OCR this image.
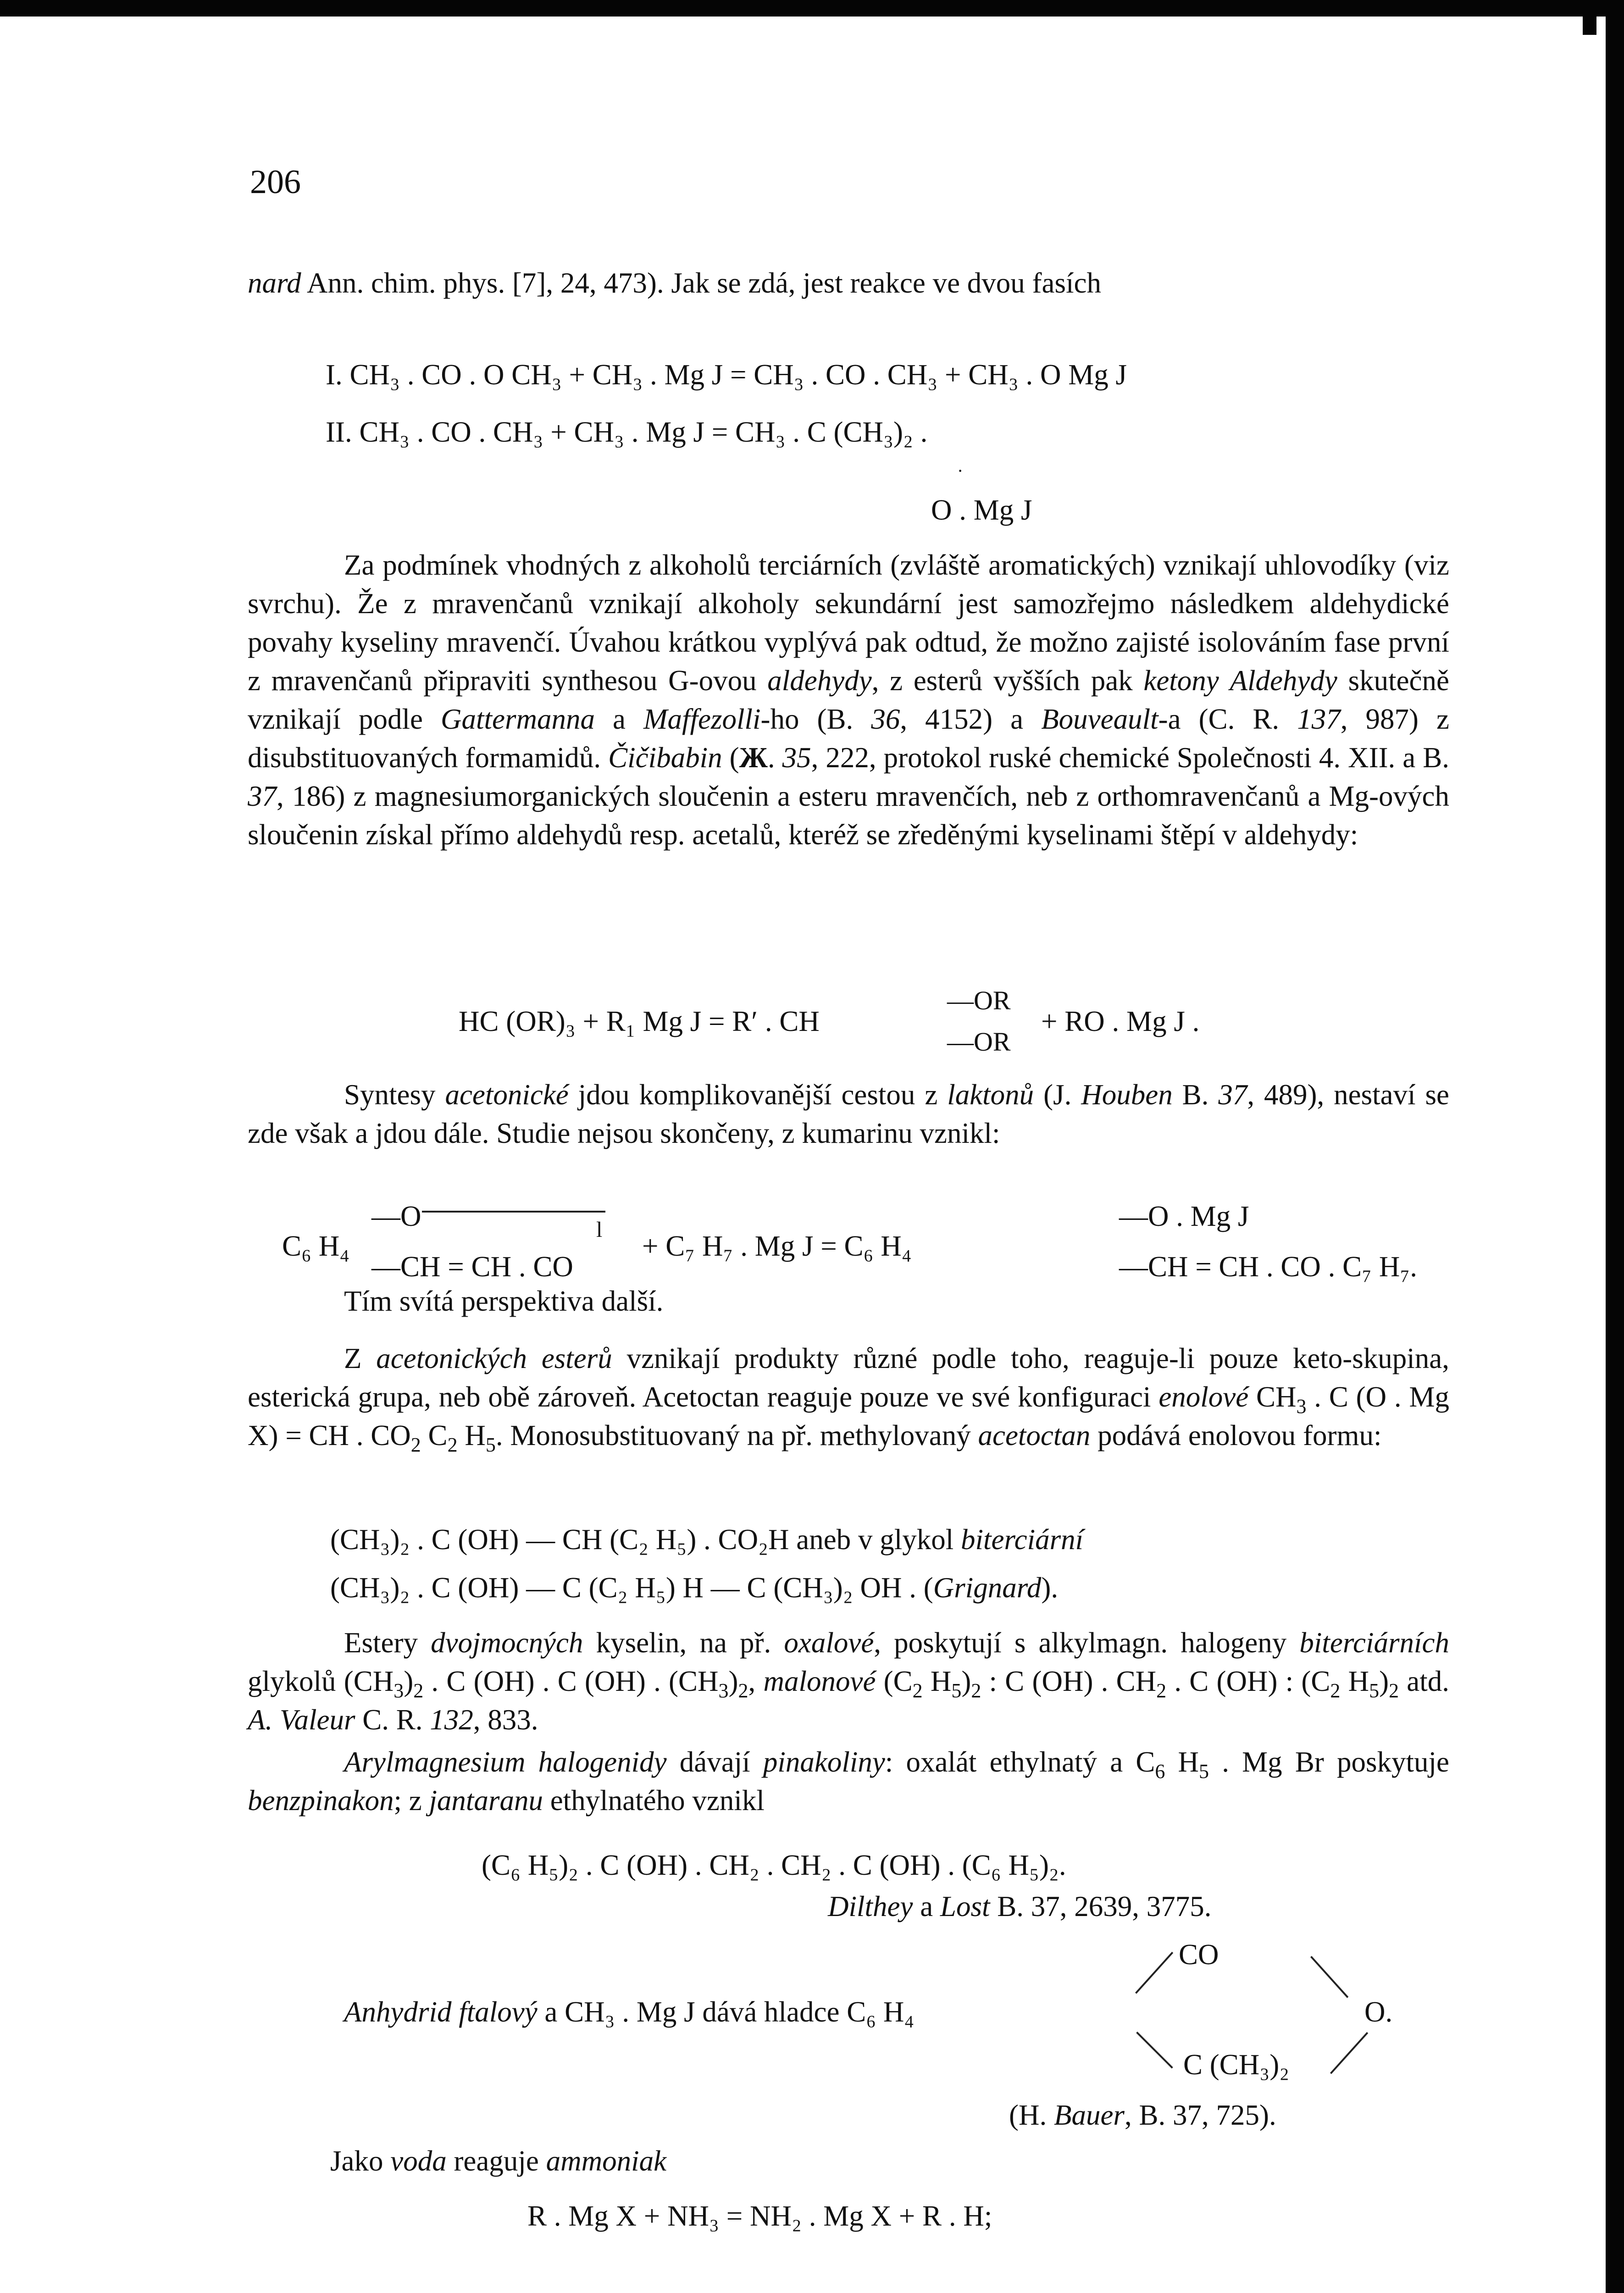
206
nard Ann. chim. phys. [7], 24, 473). Jak se zdá, jest reakce ve dvou fasích
I. CH₃ . CO . O CH₃ + CH₃ . Mg J = CH₃ . CO . CH₃ + CH₃ . O Mg J
II. CH₃ . CO . CH₃ + CH₃ . Mg J = CH₃ . C (CH₃)₂ .
·
O . Mg J
Za podmínek vhodných z alkoholů terciárních (zvláště aromatických) vznikají uhlovodíky (viz svrchu). Že z mravenčanů vznikají alkoholy sekundární jest samozřejmo následkem aldehydické povahy kyseliny mravenčí. Úvahou krátkou vyplývá pak odtud, že možno zajisté isolováním fase první z mravenčanů připraviti synthesou G-ovou aldehydy, z esterů vyšších pak ketony Aldehydy skutečně vznikají podle Gattermanna a Maffezolli-ho (B. 36, 4152) a Bouveault-a (C. R. 137, 987) z disubstituovaných formamidů. Čičibabin (Ж. 35, 222, protokol ruské chemické Společnosti 4. XII. a B. 37, 186) z magnesiumorganických sloučenin a esteru mravenčích, neb z orthomravenčanů a Mg-ových sloučenin získal přímo aldehydů resp. acetalů, kteréž se zředěnými kyselinami štěpí v aldehydy:
HC (OR)₃ + R₁ Mg J = R′ . CH
—OR
—OR
+ RO . Mg J .
Syntesy acetonické jdou komplikovanější cestou z laktonů (J. Houben B. 37, 489), nestaví se zde však a jdou dále. Studie nejsou skončeny, z kumarinu vznikl:
C₆ H₄
—O	l
—CH = CH . CO
+ C₇ H₇ . Mg J = C₆ H₄
—O . Mg J
—CH = CH . CO . C₇ H₇.
Tím svítá perspektiva další.
Z acetonických esterů vznikají produkty různé podle toho, reaguje-li pouze keto-skupina, esterická grupa, neb obě zároveň. Acetoctan reaguje pouze ve své konfiguraci enolové $CH_3$ . C (O . Mg X) = CH . $CO_2$ $C_2$ $H_5$. Monosubstituovaný na př. methylovaný acetoctan podává enolovou formu:
(CH₃)₂ . C (OH) — CH (C₂ H₅) . CO₂H aneb v glykol biterciární
(CH₃)₂ . C (OH) — C (C₂ H₅) H — C (CH₃)₂ OH . (Grignard).
Estery dvojmocných kyselin, na př. oxalové, poskytují s alkylmagn. halogeny biterciárních glykolů $(CH_3)_2$ . C (OH) . C (OH) . $(CH_3)_2$, malonové ($C_2$ $H_5)_2$ : C (OH) . $CH_2$ . C (OH) : ($C_2$ $H_5)_2$ atd. A. Valeur C. R. 132, 833.
Arylmagnesium halogenidy dávají pinakoliny: oxalát ethylnatý a $C_6$ $H_5$ . Mg Br poskytuje benzpinakon; z jantaranu ethylnatého vznikl
(C₆ H₅)₂ . C (OH) . CH₂ . CH₂ . C (OH) . (C₆ H₅)₂.
Dilthey a Lost B. 37, 2639, 3775.
CO
Anhydrid ftalový a CH₃ . Mg J dává hladce C₆ H₄	O.
C (CH₃)₂
(H. Bauer, B. 37, 725).
Jako voda reaguje ammoniak
R . Mg X + NH₃ = NH₂ . Mg X + R . H;
